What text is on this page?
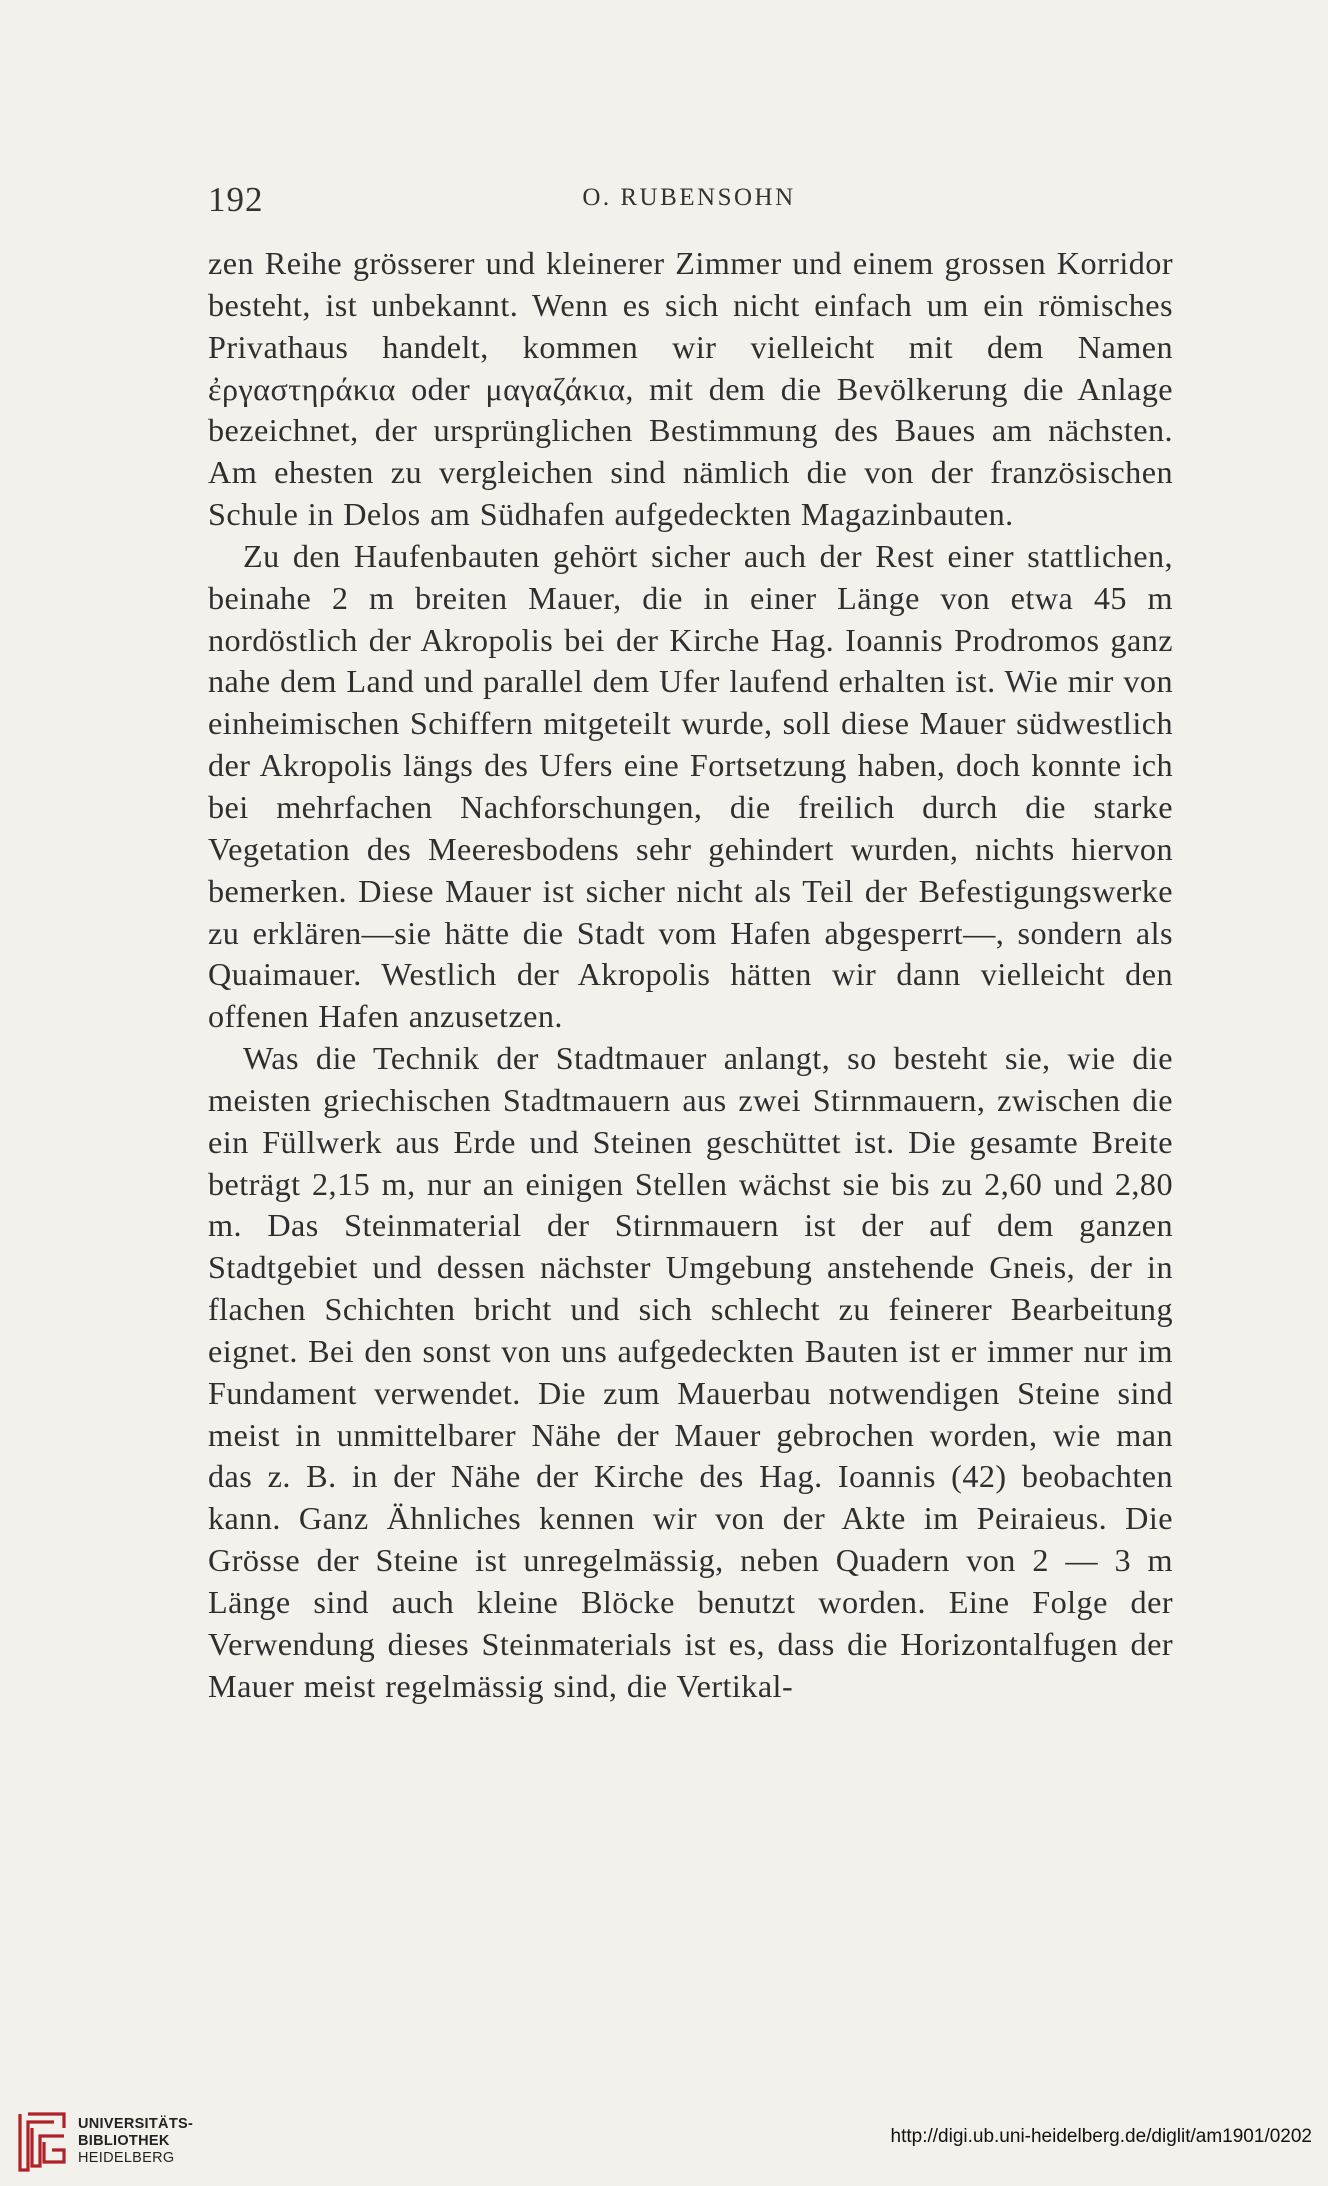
192	O. RUBENSOHN

zen Reihe grösserer und kleinerer Zimmer und einem grossen Korridor besteht, ist unbekannt. Wenn es sich nicht einfach um ein römisches Privathaus handelt, kommen wir vielleicht mit dem Namen ἐργαστηράκια oder μαγαζάκια, mit dem die Bevölkerung die Anlage bezeichnet, der ursprünglichen Bestimmung des Baues am nächsten. Am ehesten zu vergleichen sind nämlich die von der französischen Schule in Delos am Südhafen aufgedeckten Magazinbauten.

Zu den Haufenbauten gehört sicher auch der Rest einer stattlichen, beinahe 2 m breiten Mauer, die in einer Länge von etwa 45 m nordöstlich der Akropolis bei der Kirche Hag. Ioannis Prodromos ganz nahe dem Land und parallel dem Ufer laufend erhalten ist. Wie mir von einheimischen Schiffern mitgeteilt wurde, soll diese Mauer südwestlich der Akropolis längs des Ufers eine Fortsetzung haben, doch konnte ich bei mehrfachen Nachforschungen, die freilich durch die starke Vegetation des Meeresbodens sehr gehindert wurden, nichts hiervon bemerken. Diese Mauer ist sicher nicht als Teil der Befestigungswerke zu erklären—sie hätte die Stadt vom Hafen abgesperrt—, sondern als Quaimauer. Westlich der Akropolis hätten wir dann vielleicht den offenen Hafen anzusetzen.

Was die Technik der Stadtmauer anlangt, so besteht sie, wie die meisten griechischen Stadtmauern aus zwei Stirnmauern, zwischen die ein Füllwerk aus Erde und Steinen geschüttet ist. Die gesamte Breite beträgt 2,15 m, nur an einigen Stellen wächst sie bis zu 2,60 und 2,80 m. Das Steinmaterial der Stirnmauern ist der auf dem ganzen Stadtgebiet und dessen nächster Umgebung anstehende Gneis, der in flachen Schichten bricht und sich schlecht zu feinerer Bearbeitung eignet. Bei den sonst von uns aufgedeckten Bauten ist er immer nur im Fundament verwendet. Die zum Mauerbau notwendigen Steine sind meist in unmittelbarer Nähe der Mauer gebrochen worden, wie man das z. B. in der Nähe der Kirche des Hag. Ioannis (42) beobachten kann. Ganz Ähnliches kennen wir von der Akte im Peiraieus. Die Grösse der Steine ist unregelmässig, neben Quadern von 2 — 3 m Länge sind auch kleine Blöcke benutzt worden. Eine Folge der Verwendung dieses Steinmaterials ist es, dass die Horizontalfugen der Mauer meist regelmässig sind, die Vertikal-

UNIVERSITÄTS-
BIBLIOTHEK
HEIDELBERG
http://digi.ub.uni-heidelberg.de/diglit/am1901/0202
